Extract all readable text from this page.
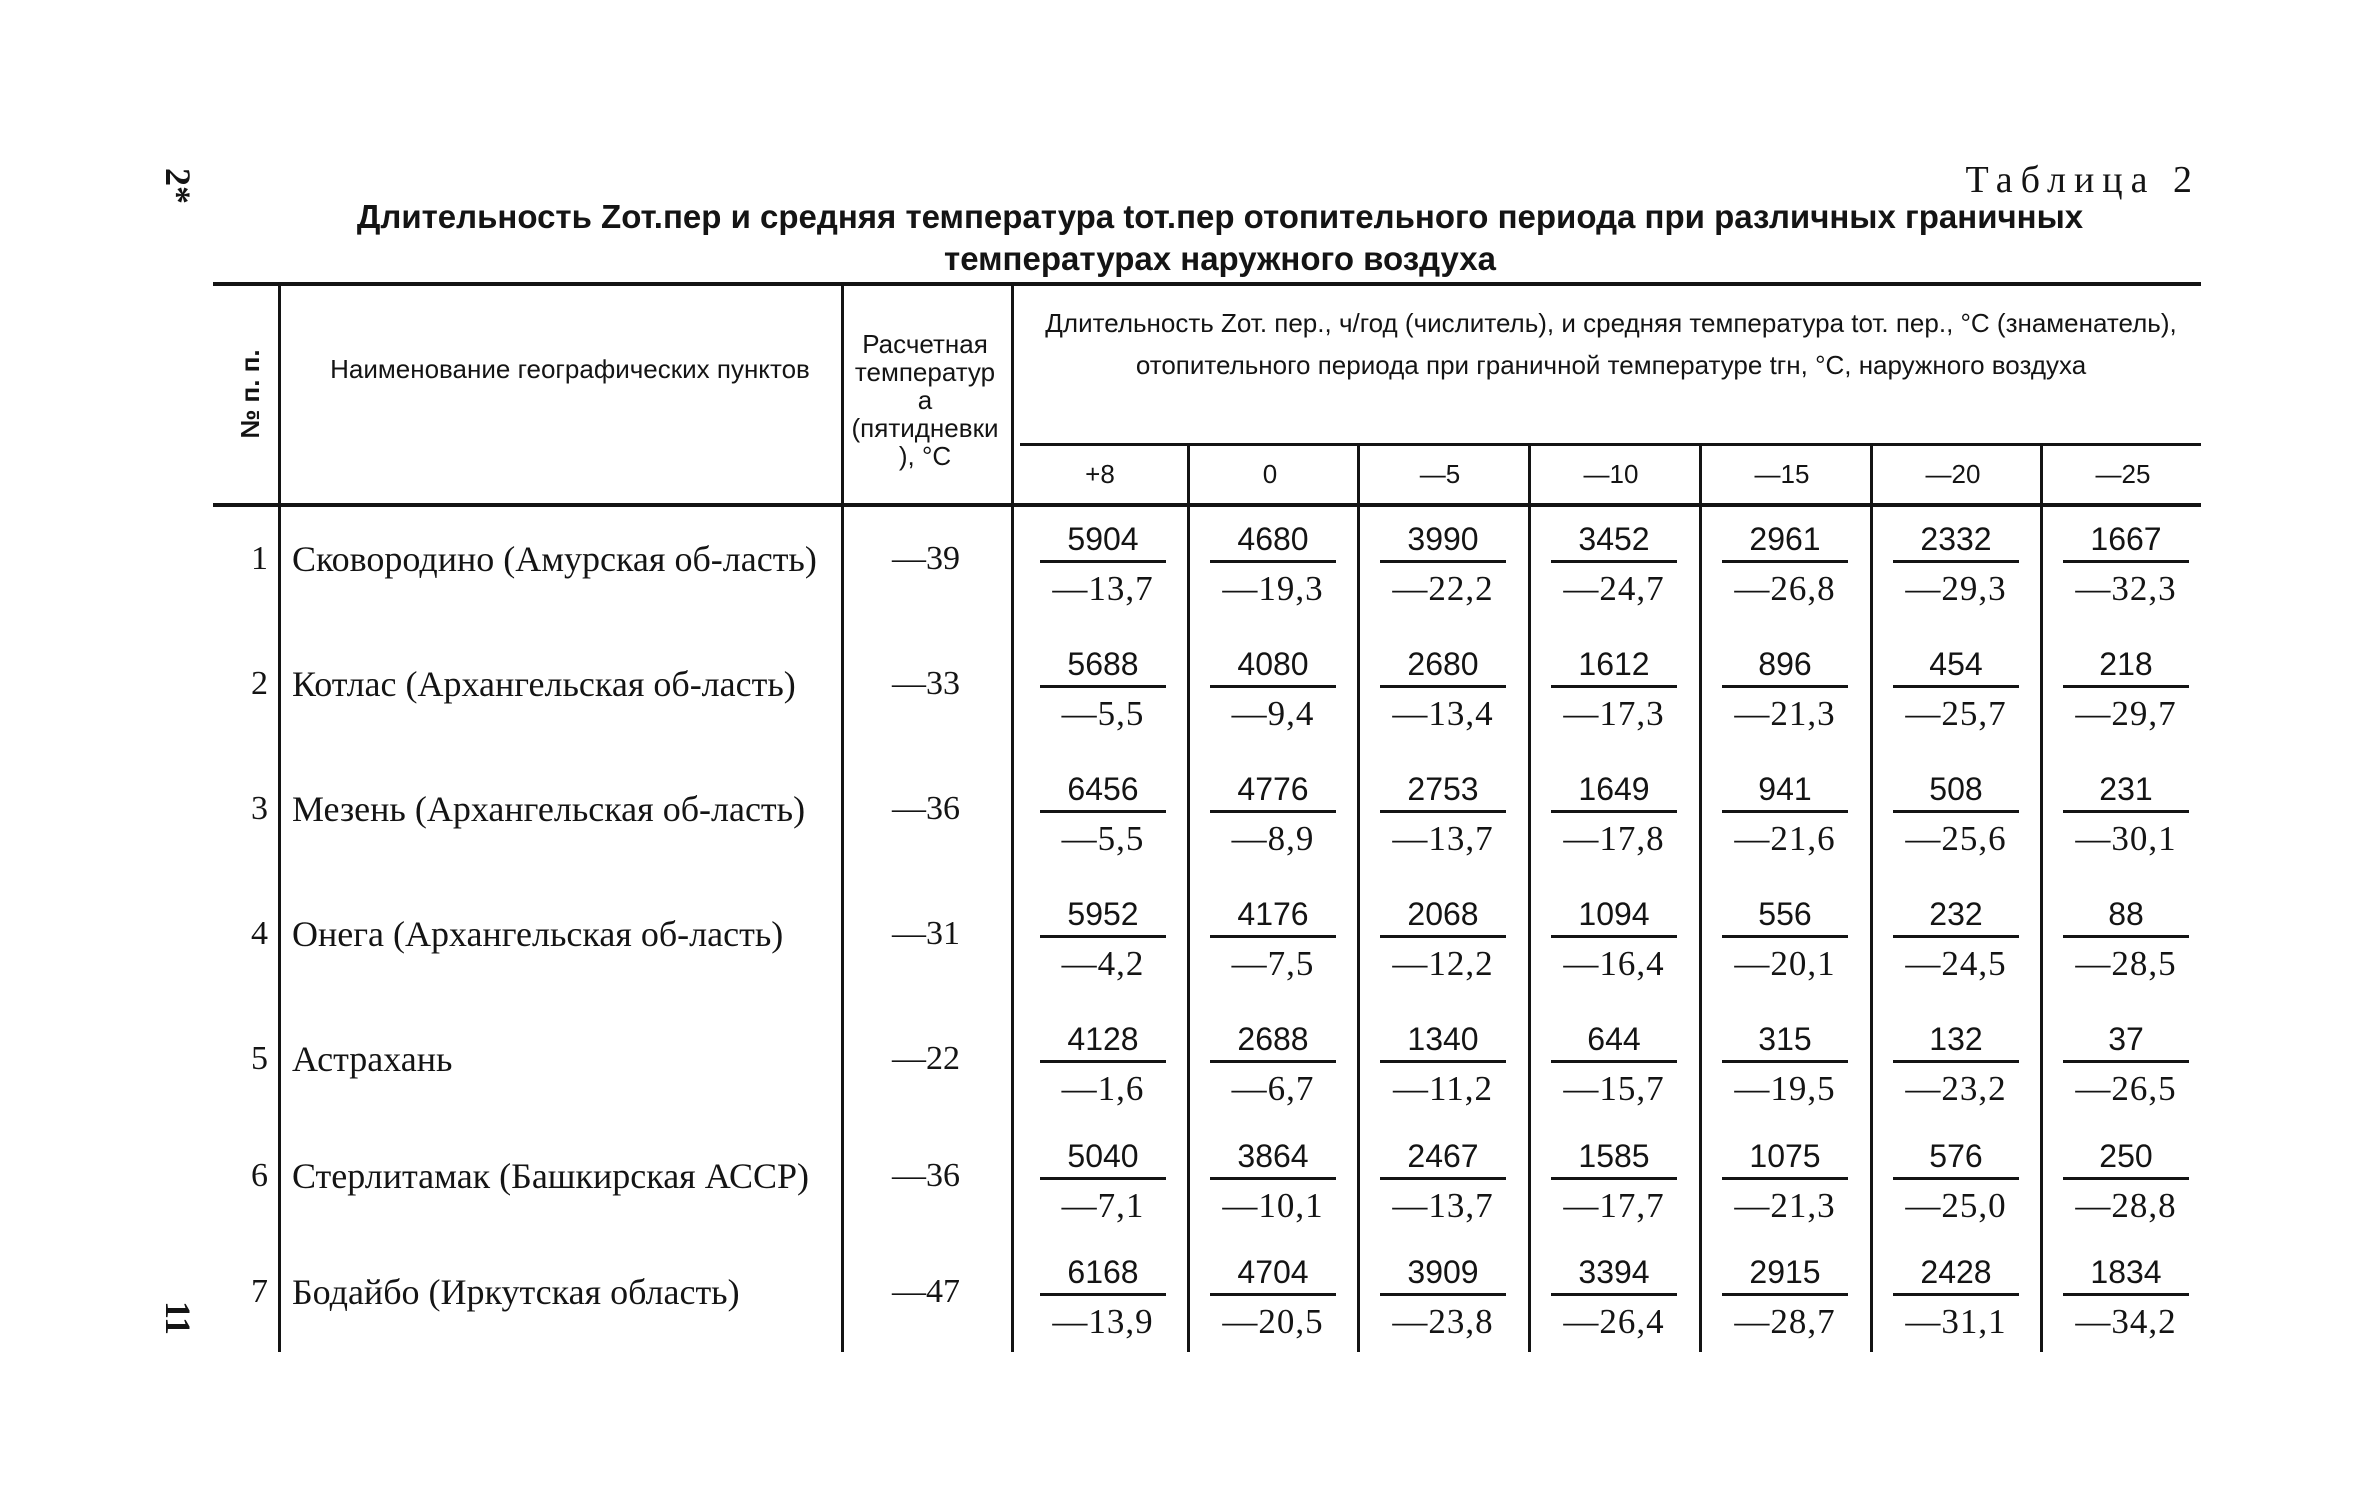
2*
11
Таблица 2
Длительность Zот.пер и средняя температура tот.пер отопительного периода при различных граничных температурах наружного воздуха
№ п. п.	Наименование географических пунктов
Расчетная температура (пятидневки), °С
Длительность Zот. пер., ч/год (числитель), и средняя температура tот. пер., °С (знаменатель), отопительного периода при граничной температуре tгн, °С, наружного воздуха
+8	0	—5	—10	—15	—20	—25
1 Сковородино (Амурская об-ласть)	—39	$\frac{5904}{—13,7} \frac{4680}{—19,3} \frac{3990}{—22,2} \frac{3452}{—24,7} \frac{2961}{—26,8} \frac{2332}{—29,3} \frac{1667}{—32,3}$
2 Котлас (Архангельская об-ласть)	—33	$\frac{5688}{—5,5} \frac{4080}{—9,4} \frac{2680}{—13,4} \frac{1612}{—17,3} \frac{896}{—21,3} \frac{454}{—25,7} \frac{218}{—29,7}$
3 Мезень (Архангельская об-ласть)	—36	$\frac{6456}{—5,5} \frac{4776}{—8,9} \frac{2753}{—13,7} \frac{1649}{—17,8} \frac{941}{—21,6} \frac{508}{—25,6} \frac{231}{—30,1}$
4 Онега (Архангельская об-ласть)	—31	$\frac{5952}{—4,2} \frac{4176}{—7,5} \frac{2068}{—12,2} \frac{1094}{—16,4} \frac{556}{—20,1} \frac{232}{—24,5} \frac{88}{—28,5}$
5 Астрахань	—22	$\frac{4128}{—1,6} \frac{2688}{—6,7} \frac{1340}{—11,2} \frac{644}{—15,7} \frac{315}{—19,5} \frac{132}{—23,2} \frac{37}{—26,5}$
6 Стерлитамак (Башкирская АССР)	—36	$\frac{5040}{—7,1} \frac{3864}{—10,1} \frac{2467}{—13,7} \frac{1585}{—17,7} \frac{1075}{—21,3} \frac{576}{—25,0} \frac{250}{—28,8}$
7 Бодайбо (Иркутская область)	—47	$\frac{6168}{—13,9} \frac{4704}{—20,5} \frac{3909}{—23,8} \frac{3394}{—26,4} \frac{2915}{—28,7} \frac{2428}{—31,1} \frac{1834}{—34,2}$
